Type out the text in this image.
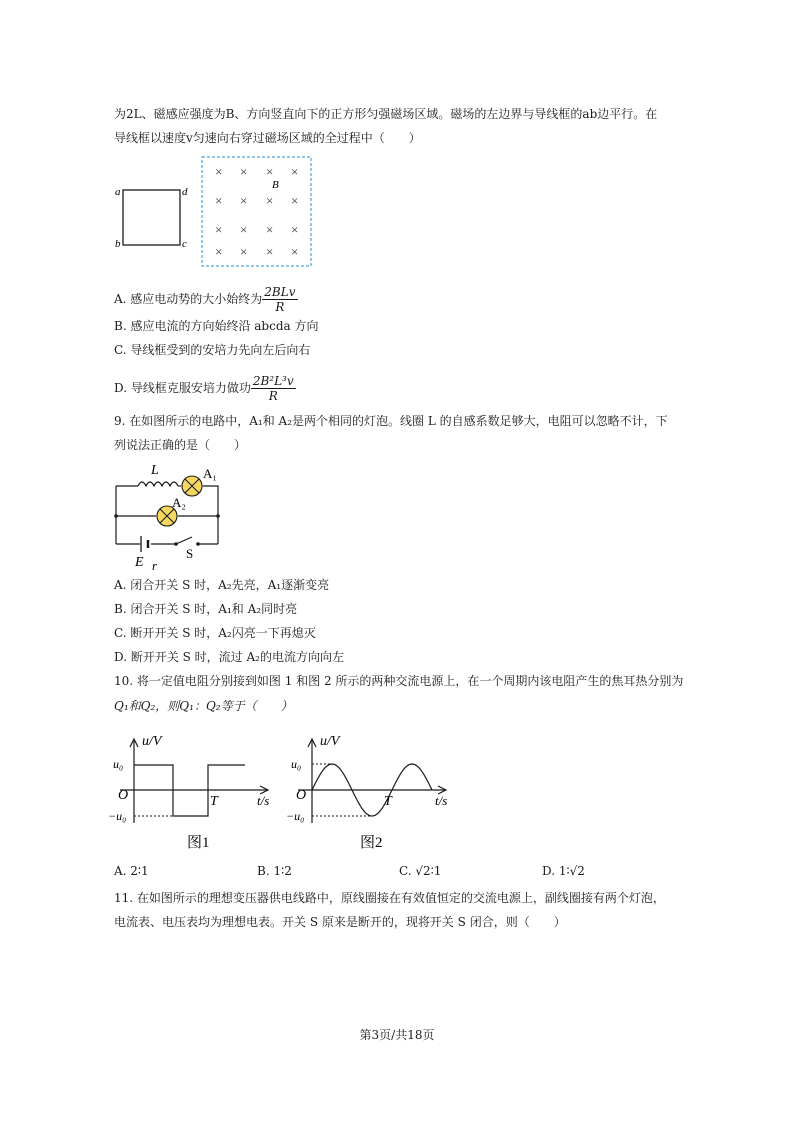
为2L、磁感应强度为B、方向竖直向下的正方形匀强磁场区域。磁场的左边界与导线框的ab边平行。在
导线框以速度v匀速向右穿过磁场区域的全过程中（　　）
a
b	c
d
× × × ×
× × × ×
× × × ×
× × × ×
B
A. 感应电动势的大小始终为 $\frac{\text{2BLv}}{R}$
B. 感应电流的方向始终沿 abcda 方向
C. 导线框受到的安培力先向左后向右
D. 导线框克服安培力做功 $\frac{\text{2B²L³v}}{R}$
9. 在如图所示的电路中，A₁和 A₂是两个相同的灯泡。线圈 L 的自感系数足够大，电阻可以忽略不计，下
列说法正确的是（　　）
L	A₁
A₂
E r
S
A. 闭合开关 S 时，A₂先亮，A₁逐渐变亮
B. 闭合开关 S 时，A₁和 A₂同时亮
C. 断开开关 S 时，A₂闪亮一下再熄灭
D. 断开开关 S 时，流过 A₂的电流方向向左
10. 将一定值电阻分别接到如图 1 和图 2 所示的两种交流电源上，在一个周期内该电阻产生的焦耳热分别为
Q₁和Q₂，则Q₁：Q₂等于（　　）
u/V
u₀
O
−u₀
T	t/s
图1
u/V
u₀
O
−u₀
T	t/s
图2
A. 2∶1	B. 1∶2	C. √2∶1	D. 1∶√2
11. 在如图所示的理想变压器供电线路中，原线圈接在有效值恒定的交流电源上，副线圈接有两个灯泡，
电流表、电压表均为理想电表。开关 S 原来是断开的，现将开关 S 闭合，则（　　）
第3页/共18页
